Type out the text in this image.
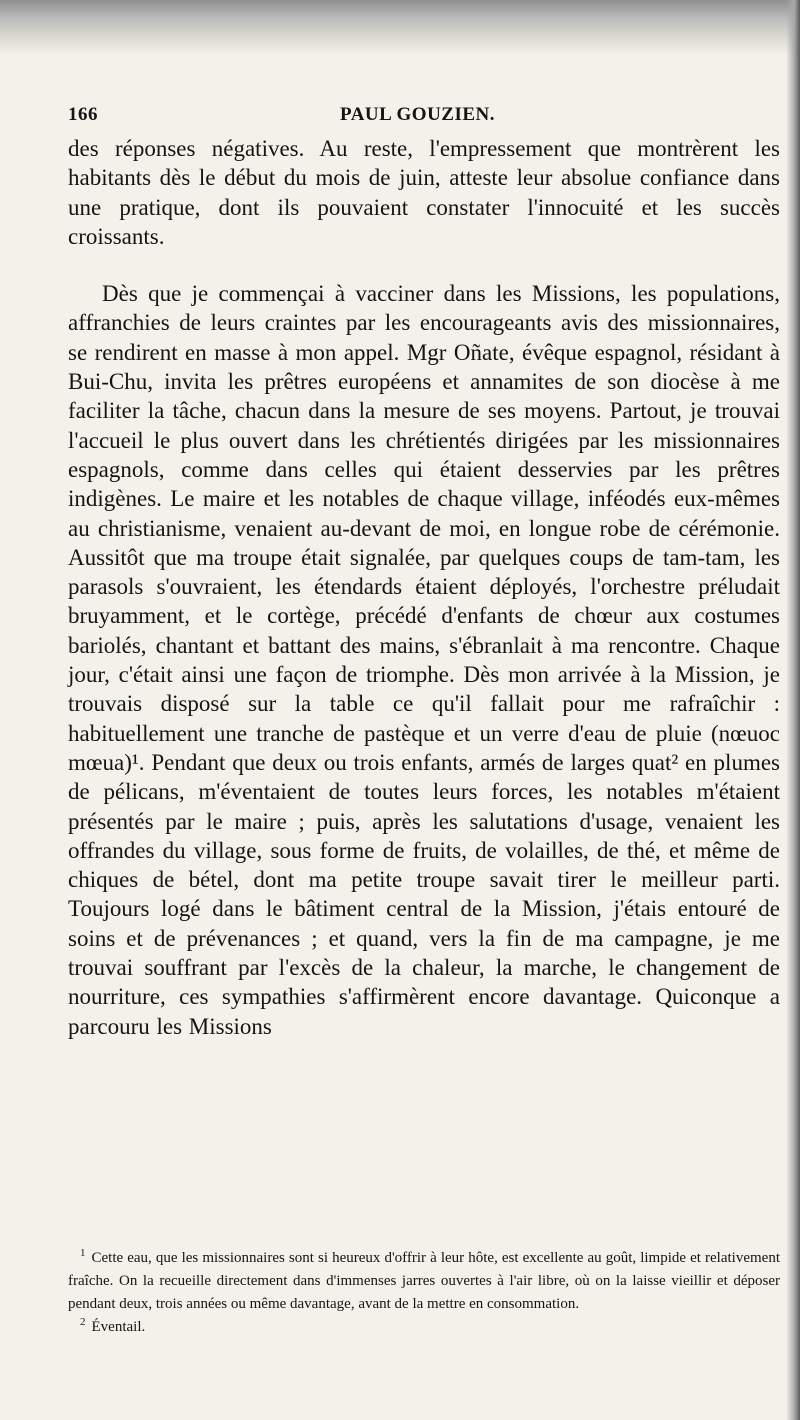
166	PAUL GOUZIEN.

des réponses négatives. Au reste, l'empressement que montrèrent les habitants dès le début du mois de juin, atteste leur absolue confiance dans une pratique, dont ils pouvaient constater l'innocuité et les succès croissants.

Dès que je commençai à vacciner dans les Missions, les populations, affranchies de leurs craintes par les encourageants avis des missionnaires, se rendirent en masse à mon appel. Mgr Oñate, évêque espagnol, résidant à Bui-Chu, invita les prêtres européens et annamites de son diocèse à me faciliter la tâche, chacun dans la mesure de ses moyens. Partout, je trouvai l'accueil le plus ouvert dans les chrétientés dirigées par les missionnaires espagnols, comme dans celles qui étaient desservies par les prêtres indigènes. Le maire et les notables de chaque village, inféodés eux-mêmes au christianisme, venaient au-devant de moi, en longue robe de cérémonie. Aussitôt que ma troupe était signalée, par quelques coups de tam-tam, les parasols s'ouvraient, les étendards étaient déployés, l'orchestre préludait bruyamment, et le cortège, précédé d'enfants de chœur aux costumes bariolés, chantant et battant des mains, s'ébranlait à ma rencontre. Chaque jour, c'était ainsi une façon de triomphe. Dès mon arrivée à la Mission, je trouvais disposé sur la table ce qu'il fallait pour me rafraîchir : habituellement une tranche de pastèque et un verre d'eau de pluie (nœuoc mœua)¹. Pendant que deux ou trois enfants, armés de larges quat² en plumes de pélicans, m'éventaient de toutes leurs forces, les notables m'étaient présentés par le maire ; puis, après les salutations d'usage, venaient les offrandes du village, sous forme de fruits, de volailles, de thé, et même de chiques de bétel, dont ma petite troupe savait tirer le meilleur parti. Toujours logé dans le bâtiment central de la Mission, j'étais entouré de soins et de prévenances ; et quand, vers la fin de ma campagne, je me trouvai souffrant par l'excès de la chaleur, la marche, le changement de nourriture, ces sympathies s'affirmèrent encore davantage. Quiconque a parcouru les Missions

$^1$ Cette eau, que les missionnaires sont si heureux d'offrir à leur hôte, est excellente au goût, limpide et relativement fraîche. On la recueille directement dans d'immenses jarres ouvertes à l'air libre, où on la laisse vieillir et déposer pendant deux, trois années ou même davantage, avant de la mettre en consommation.

$^2$ Éventail.
